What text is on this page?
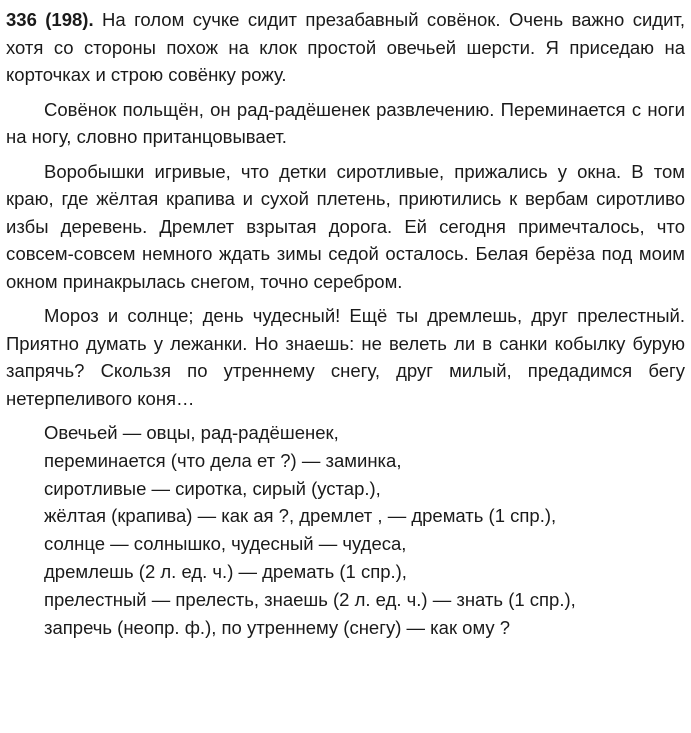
336 (198). На голом сучке сидит презабавный совёнок. Очень важно сидит, хотя со стороны похож на клок простой овечьей шерсти. Я приседаю на корточках и строю совёнку рожу.

Совёнок польщён, он рад-радёшенек развлечению. Переминается с ноги на ногу, словно пританцовывает.

Воробышки игривые, что детки сиротливые, прижались у окна. В том краю, где жёлтая крапива и сухой плетень, приютились к вербам сиротливо избы деревень. Дремлет взрытая дорога. Ей сегодня примечталось, что совсем-совсем немного ждать зимы седой осталось. Белая берёза под моим окном принакрылась снегом, точно серебром.

Мороз и солнце; день чудесный! Ещё ты дремлешь, друг прелестный. Приятно думать у лежанки. Но знаешь: не велеть ли в санки кобылку бурую запрячь? Скользя по утреннему снегу, друг милый, предадимся бегу нетерпеливого коня…

Овечьей — овцы, рад-радёшенек,
переминается (что дела ет ?) — заминка,
сиротливые — сиротка, сирый (устар.),
жёлтая (крапива) — как ая ?, дремлет , — дремать (1 спр.),
солнце — солнышко, чудесный — чудеса,
дремлешь (2 л. ед. ч.) — дремать (1 спр.),
прелестный — прелесть, знаешь (2 л. ед. ч.) — знать (1 спр.),
запречь (неопр. ф.), по утреннему (снегу) — как ому ?
